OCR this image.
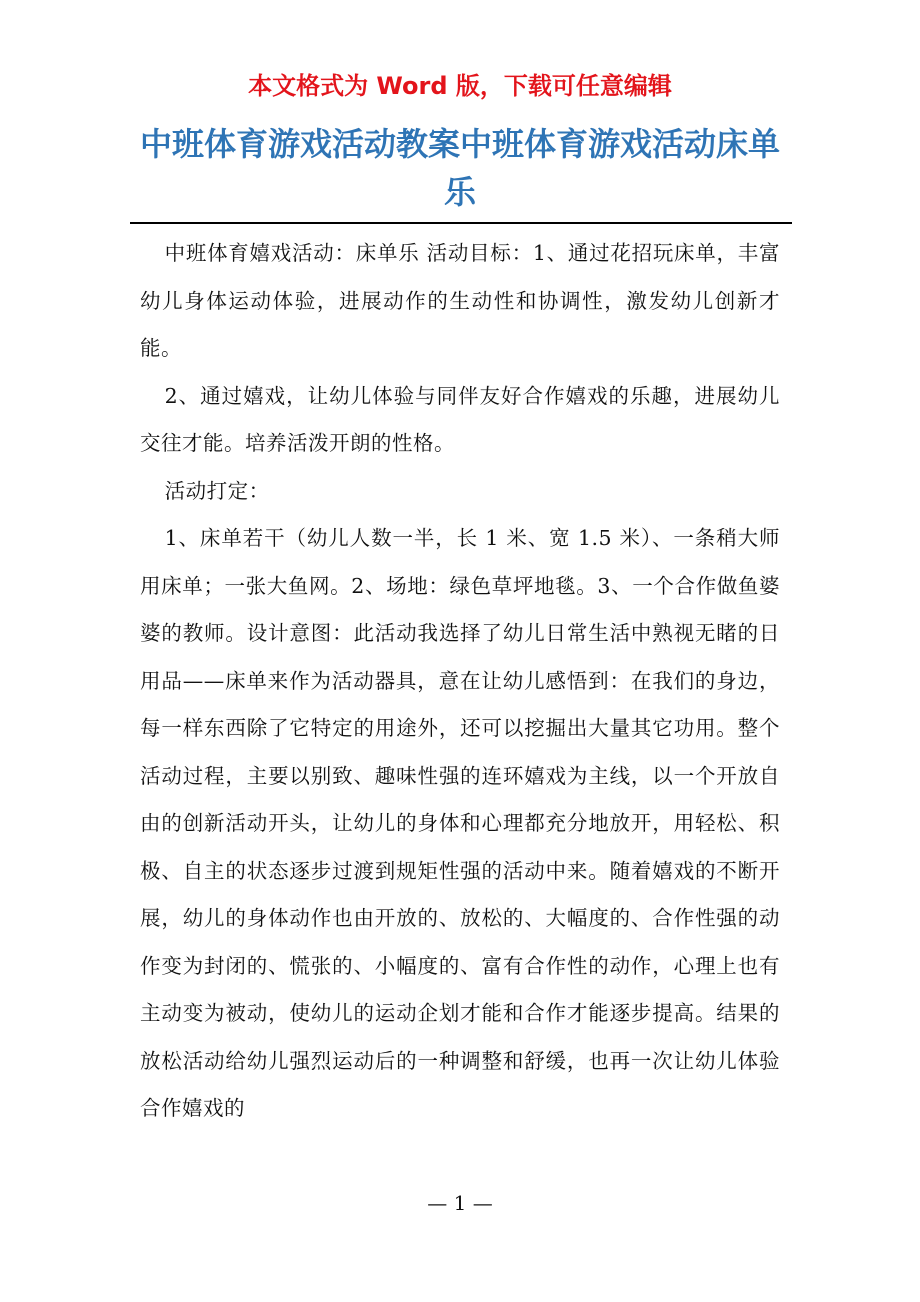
本文格式为 Word 版，下载可任意编辑
中班体育游戏活动教案中班体育游戏活动床单乐

中班体育嬉戏活动：床单乐 活动目标：1、通过花招玩床单，丰富幼儿身体运动体验，进展动作的生动性和协调性，激发幼儿创新才能。

2、通过嬉戏，让幼儿体验与同伴友好合作嬉戏的乐趣，进展幼儿交往才能。培养活泼开朗的性格。

活动打定：

1、床单若干（幼儿人数一半，长 1 米、宽 1.5 米）、一条稍大师用床单；一张大鱼网。2、场地：绿色草坪地毯。3、一个合作做鱼婆婆的教师。设计意图：此活动我选择了幼儿日常生活中熟视无睹的日用品——床单来作为活动器具，意在让幼儿感悟到：在我们的身边，每一样东西除了它特定的用途外，还可以挖掘出大量其它功用。整个活动过程，主要以别致、趣味性强的连环嬉戏为主线，以一个开放自由的创新活动开头，让幼儿的身体和心理都充分地放开，用轻松、积极、自主的状态逐步过渡到规矩性强的活动中来。随着嬉戏的不断开展，幼儿的身体动作也由开放的、放松的、大幅度的、合作性强的动作变为封闭的、慌张的、小幅度的、富有合作性的动作，心理上也有主动变为被动，使幼儿的运动企划才能和合作才能逐步提高。结果的放松活动给幼儿强烈运动后的一种调整和舒缓，也再一次让幼儿体验合作嬉戏的

— 1 —
